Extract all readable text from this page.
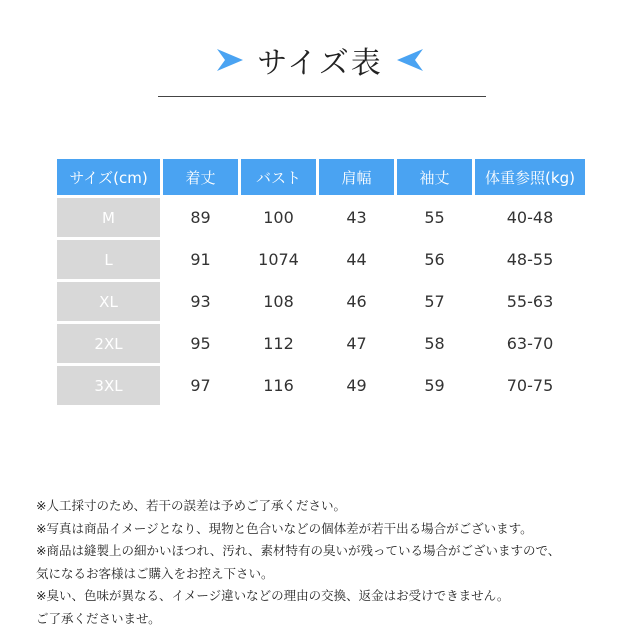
サイズ表
サイズ(cm)	着丈	バスト	肩幅	袖丈	体重参照(kg)
M	89	100	43	55	40-48
L	91	1074	44	56	48-55
XL	93	108	46	57	55-63
2XL	95	112	47	58	63-70
3XL	97	116	49	59	70-75
※人工採寸のため、若干の誤差は予めご了承ください。
※写真は商品イメージとなり、現物と色合いなどの個体差が若干出る場合がございます。
※商品は縫製上の細かいほつれ、汚れ、素材特有の臭いが残っている場合がございますので、
気になるお客様はご購入をお控え下さい。
※臭い、色味が異なる、イメージ違いなどの理由の交換、返金はお受けできません。
ご了承くださいませ。
